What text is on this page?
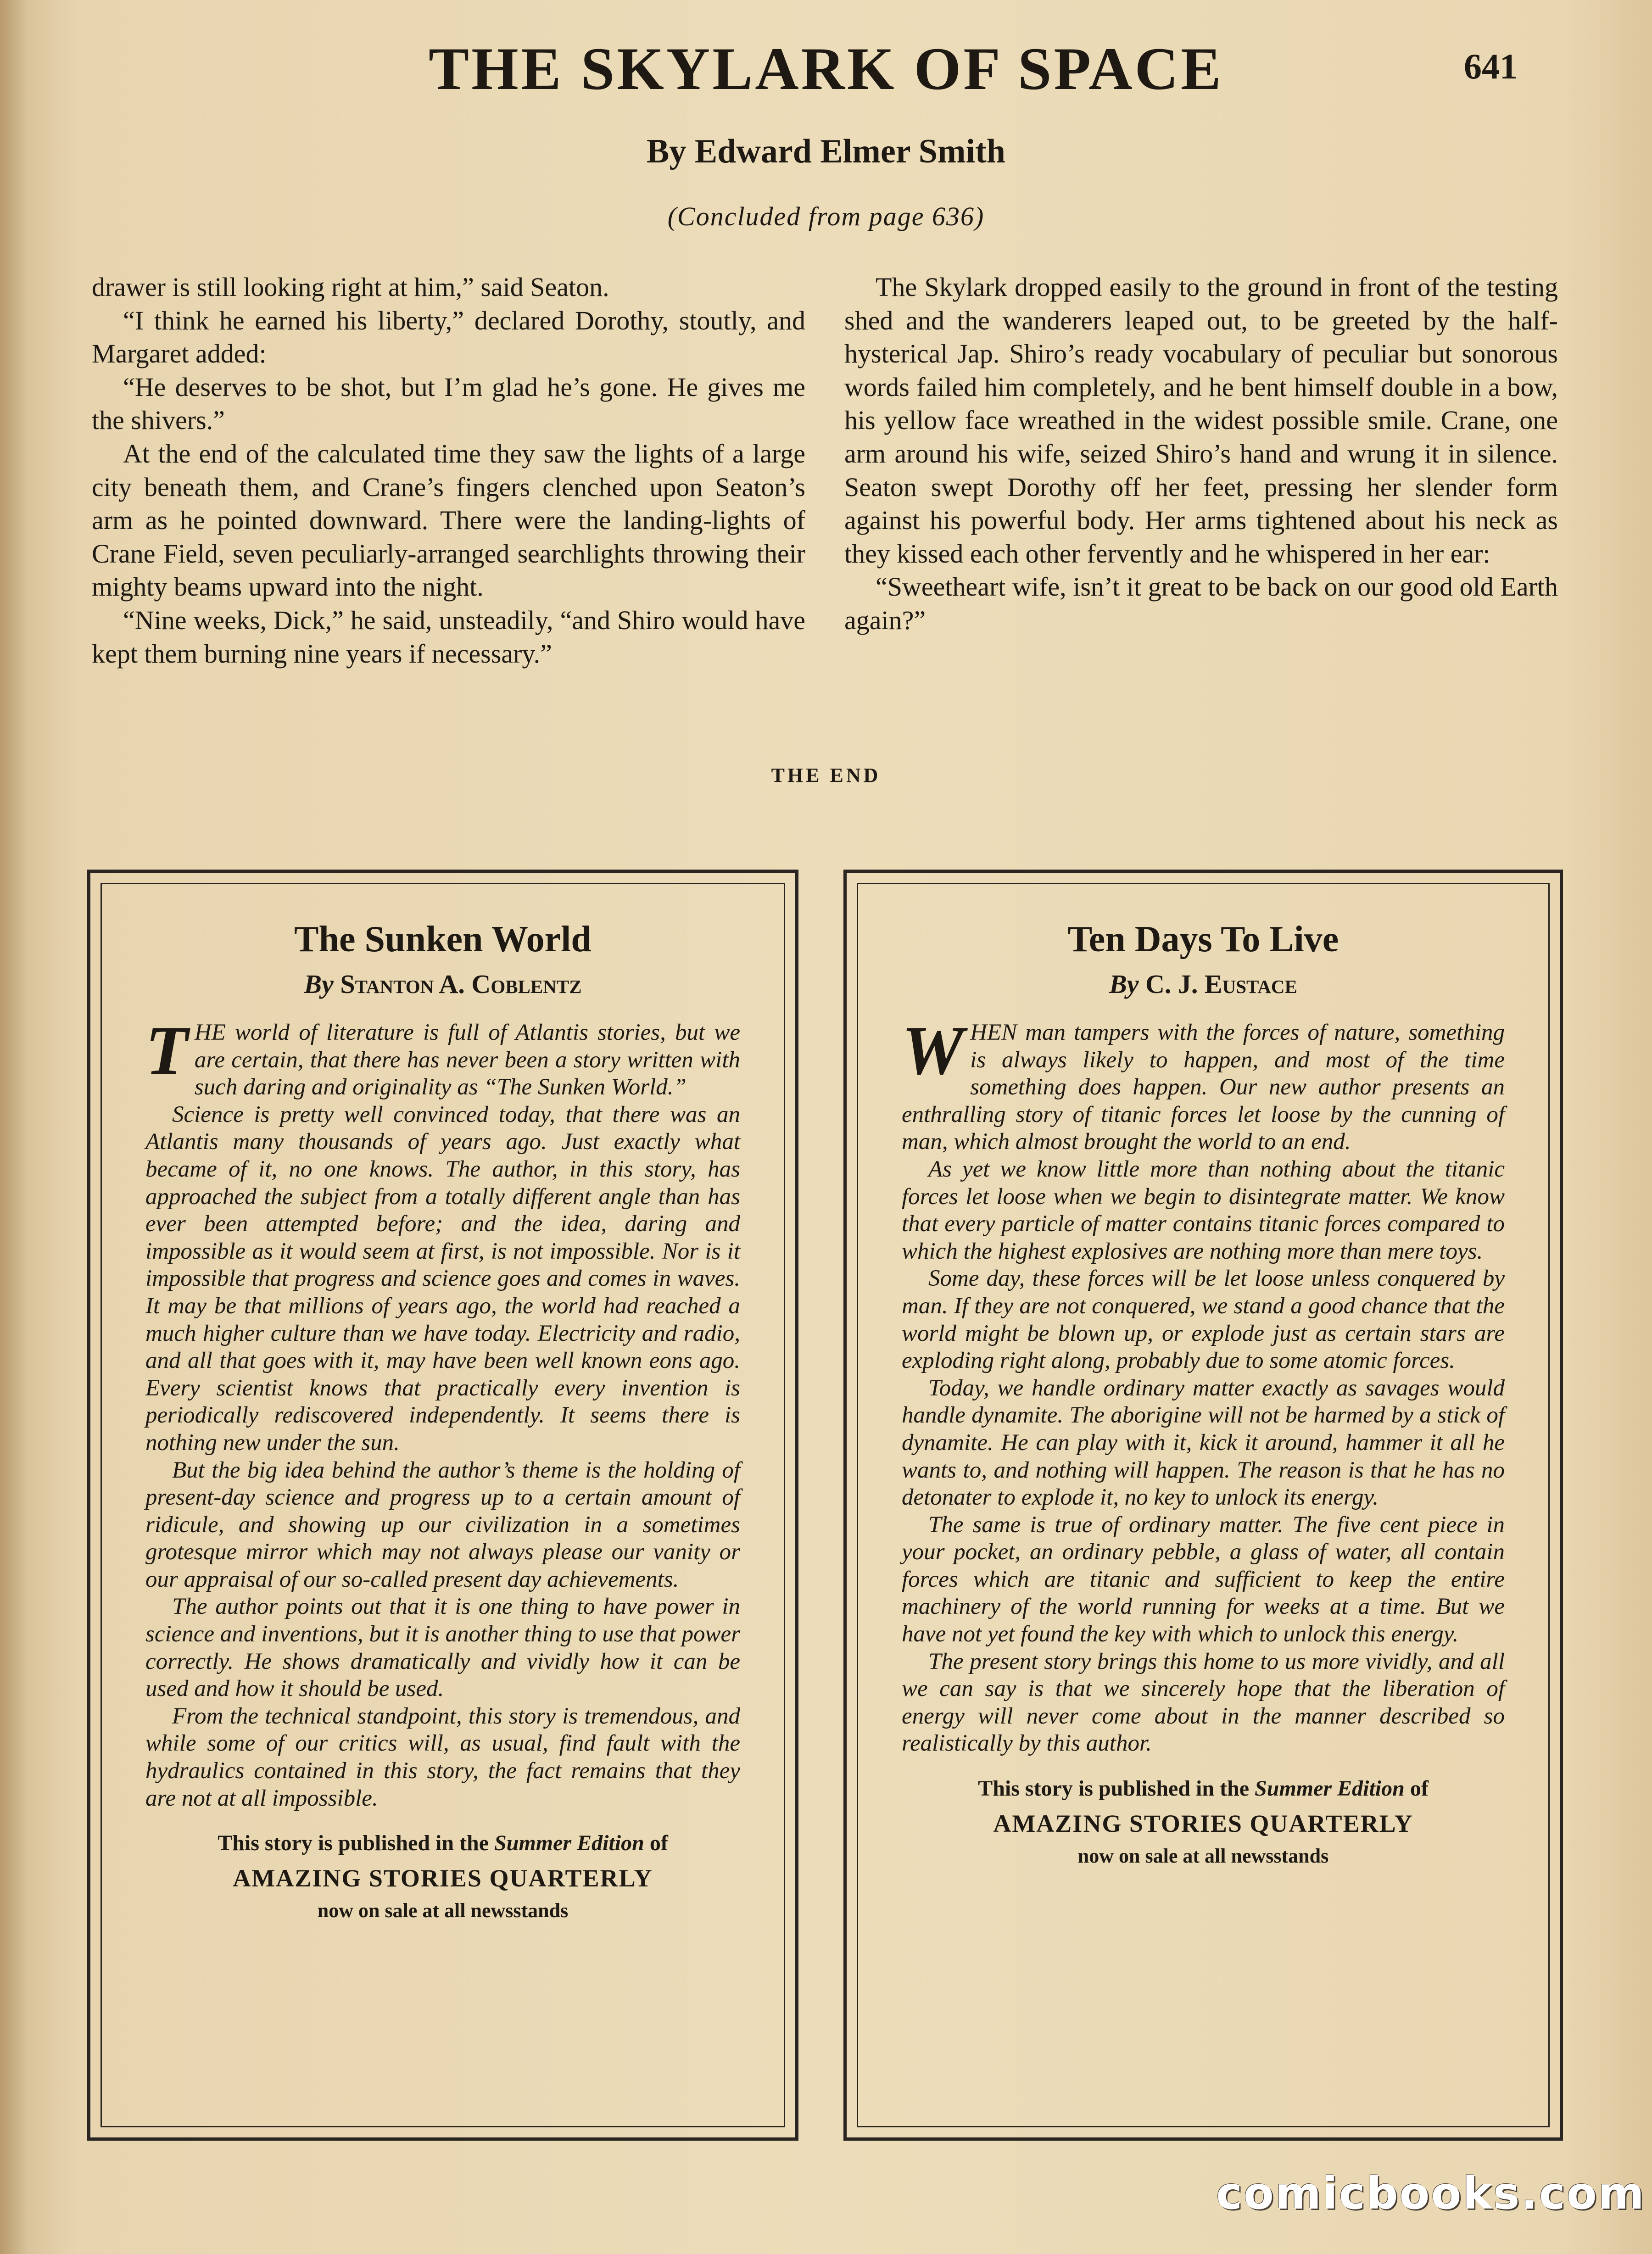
THE SKYLARK OF SPACE	641
By Edward Elmer Smith
(Concluded from page 636)

drawer is still looking right at him,” said Seaton.

“I think he earned his liberty,” declared Dorothy, stoutly, and Margaret added:

“He deserves to be shot, but I’m glad he’s gone. He gives me the shivers.”

At the end of the calculated time they saw the lights of a large city beneath them, and Crane’s fingers clenched upon Seaton’s arm as he pointed downward. There were the landing-lights of Crane Field, seven peculiarly-arranged searchlights throwing their mighty beams upward into the night.

“Nine weeks, Dick,” he said, unsteadily, “and Shiro would have kept them burning nine years if necessary.”

The Skylark dropped easily to the ground in front of the testing shed and the wanderers leaped out, to be greeted by the half-hysterical Jap. Shiro’s ready vocabulary of peculiar but sonorous words failed him completely, and he bent himself double in a bow, his yellow face wreathed in the widest possible smile. Crane, one arm around his wife, seized Shiro’s hand and wrung it in silence. Seaton swept Dorothy off her feet, pressing her slender form against his powerful body. Her arms tightened about his neck as they kissed each other fervently and he whispered in her ear:

“Sweetheart wife, isn’t it great to be back on our good old Earth again?”

THE END
The Sunken World
By Stanton A. Coblentz

THE world of literature is full of Atlantis stories, but we are certain, that there has never been a story written with such daring and originality as “The Sunken World.”

Science is pretty well convinced today, that there was an Atlantis many thousands of years ago. Just exactly what became of it, no one knows. The author, in this story, has approached the subject from a totally different angle than has ever been attempted before; and the idea, daring and impossible as it would seem at first, is not impossible. Nor is it impossible that progress and science goes and comes in waves. It may be that millions of years ago, the world had reached a much higher culture than we have today. Electricity and radio, and all that goes with it, may have been well known eons ago. Every scientist knows that practically every invention is periodically rediscovered independently. It seems there is nothing new under the sun.

But the big idea behind the author’s theme is the holding of present-day science and progress up to a certain amount of ridicule, and showing up our civilization in a sometimes grotesque mirror which may not always please our vanity or our appraisal of our so-called present day achievements.

The author points out that it is one thing to have power in science and inventions, but it is another thing to use that power correctly. He shows dramatically and vividly how it can be used and how it should be used.

From the technical standpoint, this story is tremendous, and while some of our critics will, as usual, find fault with the hydraulics contained in this story, the fact remains that they are not at all impossible.

This story is published in the Summer Edition of
AMAZING STORIES QUARTERLY
now on sale at all newsstands
Ten Days To Live
By C. J. Eustace

WHEN man tampers with the forces of nature, something is always likely to happen, and most of the time something does happen. Our new author presents an enthralling story of titanic forces let loose by the cunning of man, which almost brought the world to an end.

As yet we know little more than nothing about the titanic forces let loose when we begin to disintegrate matter. We know that every particle of matter contains titanic forces compared to which the highest explosives are nothing more than mere toys.

Some day, these forces will be let loose unless conquered by man. If they are not conquered, we stand a good chance that the world might be blown up, or explode just as certain stars are exploding right along, probably due to some atomic forces.

Today, we handle ordinary matter exactly as savages would handle dynamite. The aborigine will not be harmed by a stick of dynamite. He can play with it, kick it around, hammer it all he wants to, and nothing will happen. The reason is that he has no detonater to explode it, no key to unlock its energy.

The same is true of ordinary matter. The five cent piece in your pocket, an ordinary pebble, a glass of water, all contain forces which are titanic and sufficient to keep the entire machinery of the world running for weeks at a time. But we have not yet found the key with which to unlock this energy.

The present story brings this home to us more vividly, and all we can say is that we sincerely hope that the liberation of energy will never come about in the manner described so realistically by this author.

This story is published in the Summer Edition of
AMAZING STORIES QUARTERLY
now on sale at all newsstands
comicbooks.com
